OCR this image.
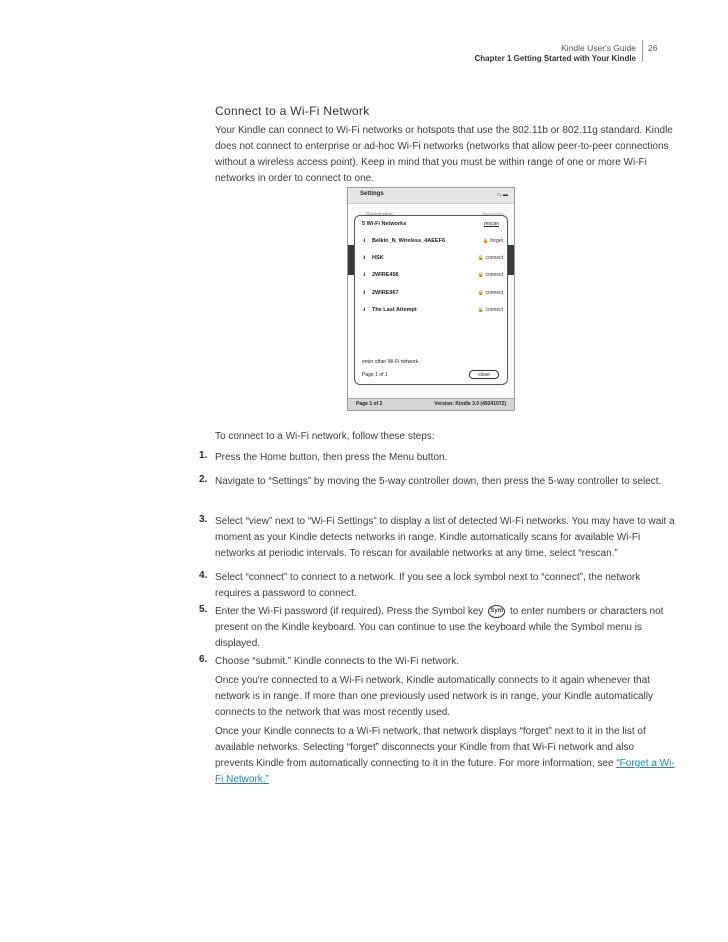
Kindle User's Guide
Chapter 1 Getting Started with Your Kindle
26
Connect to a Wi-Fi Network
Your Kindle can connect to Wi-Fi networks or hotspots that use the 802.11b or 802.11g standard. Kindle does not connect to enterprise or ad-hoc Wi-Fi networks (networks that allow peer-to-peer connections without a wireless access point). Keep in mind that you must be within range of one or more Wi-Fi networks in order to connect to one.
Settings	▭ ▬
Page 1 of 2	Version: Kindle 3.0 (49241072)
5 Wi-Fi Networks	rescan
.ııl Belkin_N_Wireless_4AEEF6	🔒 forget
.ııl HSK	🔒 connect
.ııl 2WIRE456	🔒 connect
.ııl 2WIRE967	🔒 connect
.ııl The Last Attempt	🔒 connect
enter other Wi-Fi network
Page 1 of 1	close
To connect to a Wi-Fi network, follow these steps:
1. Press the Home button, then press the Menu button.
2. Navigate to “Settings” by moving the 5-way controller down, then press the 5-way controller to select.
3. Select “view” next to “Wi-Fi Settings” to display a list of detected Wi-Fi networks. You may have to wait a moment as your Kindle detects networks in range. Kindle automatically scans for available Wi-Fi networks at periodic intervals. To rescan for available networks at any time, select “rescan.”
4. Select “connect” to connect to a network. If you see a lock symbol next to “connect”, the network requires a password to connect.
5. Enter the Wi-Fi password (if required). Press the Symbol key Sym to enter numbers or characters not present on the Kindle keyboard. You can continue to use the keyboard while the Symbol menu is displayed.
6. Choose “submit.” Kindle connects to the Wi-Fi network.
Once you're connected to a Wi-Fi network, Kindle automatically connects to it again whenever that network is in range. If more than one previously used network is in range, your Kindle automatically connects to the network that was most recently used.
Once your Kindle connects to a Wi-Fi network, that network displays “forget” next to it in the list of available networks. Selecting “forget” disconnects your Kindle from that Wi-Fi network and also prevents Kindle from automatically connecting to it in the future. For more information, see “Forget a Wi-Fi Network.”
